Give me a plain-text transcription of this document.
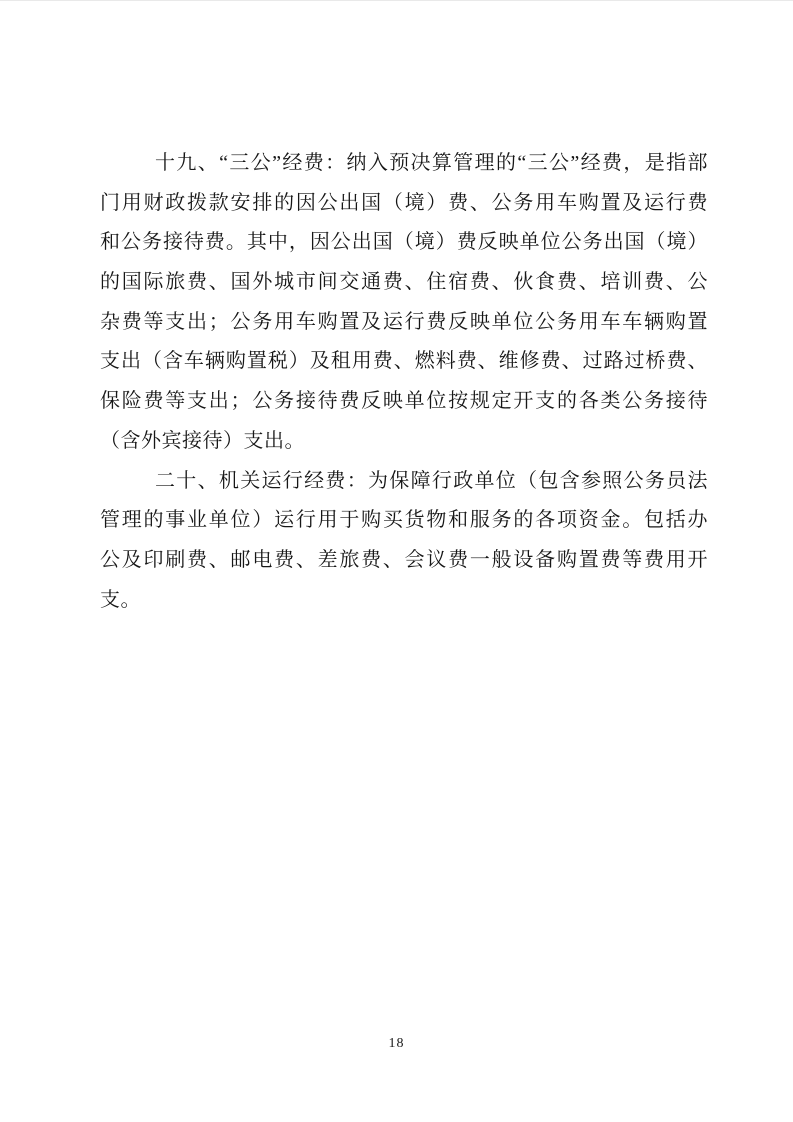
十九、“三公”经费：纳入预决算管理的“三公”经费，是指部
门用财政拨款安排的因公出国（境）费、公务用车购置及运行费
和公务接待费。其中，因公出国（境）费反映单位公务出国（境）
的国际旅费、国外城市间交通费、住宿费、伙食费、培训费、公
杂费等支出；公务用车购置及运行费反映单位公务用车车辆购置
支出（含车辆购置税）及租用费、燃料费、维修费、过路过桥费、
保险费等支出；公务接待费反映单位按规定开支的各类公务接待
（含外宾接待）支出。
二十、机关运行经费：为保障行政单位（包含参照公务员法
管理的事业单位）运行用于购买货物和服务的各项资金。包括办
公及印刷费、邮电费、差旅费、会议费一般设备购置费等费用开
支。
18
